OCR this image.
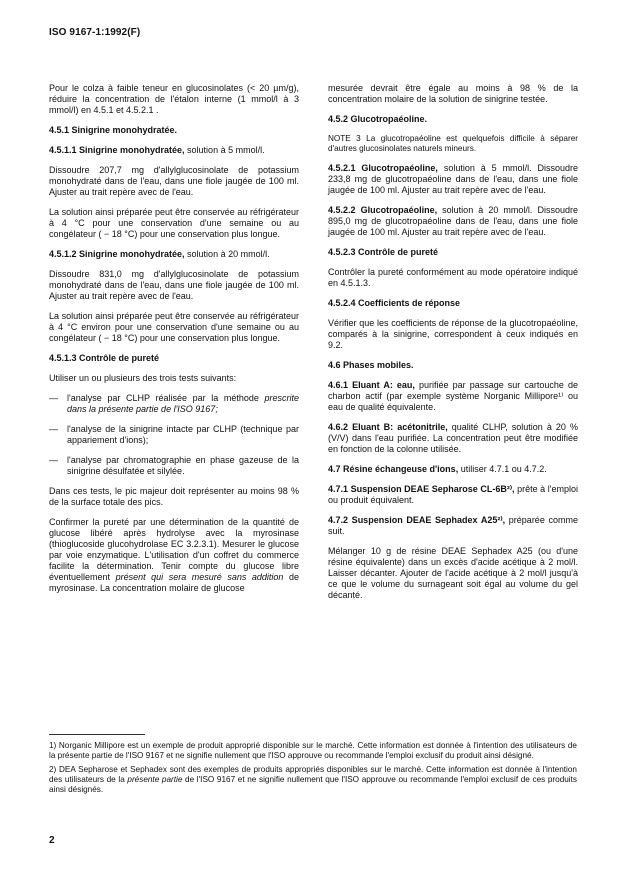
ISO 9167-1:1992(F)

Pour le colza à faible teneur en glucosinolates (< 20 µm/g), réduire la concentration de l'étalon interne (1 mmol/l à 3 mmol/l) en 4.5.1 et 4.5.2.1 .

4.5.1 Sinigrine monohydratée.

4.5.1.1 Sinigrine monohydratée, solution à 5 mmol/l.

Dissoudre 207,7 mg d'allylglucosinolate de potassium monohydraté dans de l'eau, dans une fiole jaugée de 100 ml. Ajuster au trait repère avec de l'eau.

La solution ainsi préparée peut être conservée au réfrigérateur à 4 °C pour une conservation d'une semaine ou au congélateur ( − 18 °C) pour une conservation plus longue.

4.5.1.2 Sinigrine monohydratée, solution à 20 mmol/l.

Dissoudre 831,0 mg d'allylglucosinolate de potassium monohydraté dans de l'eau, dans une fiole jaugée de 100 ml. Ajuster au trait repère avec de l'eau.

La solution ainsi préparée peut être conservée au réfrigérateur à 4 °C environ pour une conservation d'une semaine ou au congélateur ( − 18 °C) pour une conservation plus longue.

4.5.1.3 Contrôle de pureté

Utiliser un ou plusieurs des trois tests suivants:

— l'analyse par CLHP réalisée par la méthode prescrite dans la présente partie de l'ISO 9167;
— l'analyse de la sinigrine intacte par CLHP (technique par appariement d'ions);
— l'analyse par chromatographie en phase gazeuse de la sinigrine désulfatée et silylée.

Dans ces tests, le pic majeur doit représenter au moins 98 % de la surface totale des pics.

Confirmer la pureté par une détermination de la quantité de glucose libéré après hydrolyse avec la myrosinase (thioglucoside glucohydrolase EC 3.2.3.1). Mesurer le glucose par voie enzymatique. L'utilisation d'un coffret du commerce facilite la détermination. Tenir compte du glucose libre éventuellement présent qui sera mesuré sans addition de myrosinase. La concentration molaire de glucose

mesurée devrait être égale au moins à 98 % de la concentration molaire de la solution de sinigrine testée.

4.5.2 Glucotropaéoline.

NOTE 3 La glucotropaéoline est quelquefois difficile à séparer d'autres glucosinolates naturels mineurs.

4.5.2.1 Glucotropaéoline, solution à 5 mmol/l. Dissoudre 233,8 mg de glucotropaéoline dans de l'eau, dans une fiole jaugée de 100 ml. Ajuster au trait repère avec de l'eau.

4.5.2.2 Glucotropaéoline, solution à 20 mmol/l. Dissoudre 895,0 mg de glucotropaéoline dans de l'eau, dans une fiole jaugée de 100 ml. Ajuster au trait repère avec de l'eau.

4.5.2.3 Contrôle de pureté

Contrôler la pureté conformément au mode opératoire indiqué en 4.5.1.3.

4.5.2.4 Coefficients de réponse

Vérifier que les coefficients de réponse de la glucotropaéoline, comparés à la sinigrine, correspondent à ceux indiqués en 9.2.

4.6 Phases mobiles.

4.6.1 Eluant A: eau, purifiée par passage sur cartouche de charbon actif (par exemple système Norganic Millipore¹⁾ ou eau de qualité équivalente.

4.6.2 Eluant B: acétonitrile, qualité CLHP, solution à 20 % (V/V) dans l'eau purifiée. La concentration peut être modifiée en fonction de la colonne utilisée.

4.7 Résine échangeuse d'ions, utiliser 4.7.1 ou 4.7.2.

4.7.1 Suspension DEAE Sepharose CL-6B²⁾, prête à l'emploi ou produit équivalent.

4.7.2 Suspension DEAE Sephadex A25²⁾, préparée comme suit.

Mélanger 10 g de résine DEAE Sephadex A25 (ou d'une résine équivalente) dans un excès d'acide acétique à 2 mol/l. Laisser décanter. Ajouter de l'acide acétique à 2 mol/l jusqu'à ce que le volume du surnageant soit égal au volume du gel décanté.

1) Norganic Millipore est un exemple de produit approprié disponible sur le marché. Cette information est donnée à l'intention des utilisateurs de la présente partie de l'ISO 9167 et ne signifie nullement que l'ISO approuve ou recommande l'emploi exclusif du produit ainsi désigné.

2) DEA Sepharose et Sephadex sont des exemples de produits appropriés disponibles sur le marché. Cette information est donnée à l'intention des utilisateurs de la présente partie de l'ISO 9167 et ne signifie nullement que l'ISO approuve ou recommande l'emploi exclusif de ces produits ainsi désignés.

2
